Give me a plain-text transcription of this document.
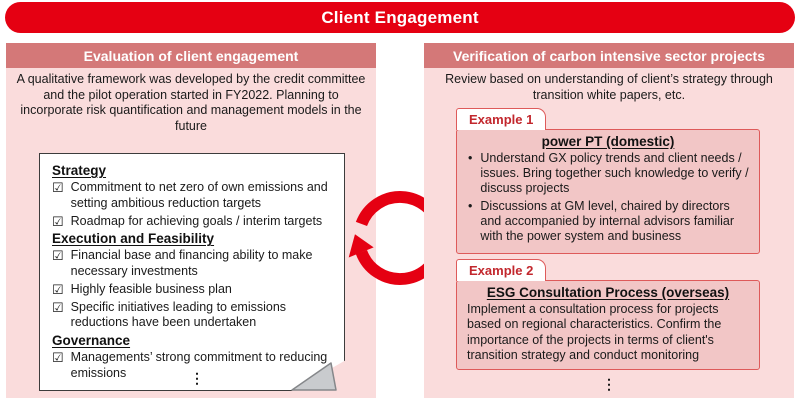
Client Engagement
Evaluation of client engagement
A qualitative framework was developed by the credit committee and the pilot operation started in FY2022. Planning to incorporate risk quantification and management models in the future
Strategy
☑ Commitment to net zero of own emissions and setting ambitious reduction targets
☑ Roadmap for achieving goals / interim targets
Execution and Feasibility
☑ Financial base and financing ability to make necessary investments
☑ Highly feasible business plan
☑ Specific initiatives leading to emissions reductions have been undertaken
Governance
☑ Managements’ strong commitment to reducing emissions	⋮
Verification of carbon intensive sector projects
Review based on understanding of client’s strategy through transition white papers, etc.
Example 1
power PT (domestic)
• Understand GX policy trends and client needs / issues. Bring together such knowledge to verify / discuss projects
• Discussions at GM level, chaired by directors and accompanied by internal advisors familiar with the power system and business
Example 2
ESG Consultation Process (overseas)
Implement a consultation process for projects based on regional characteristics. Confirm the importance of the projects in terms of client's transition strategy and conduct monitoring
⋮
